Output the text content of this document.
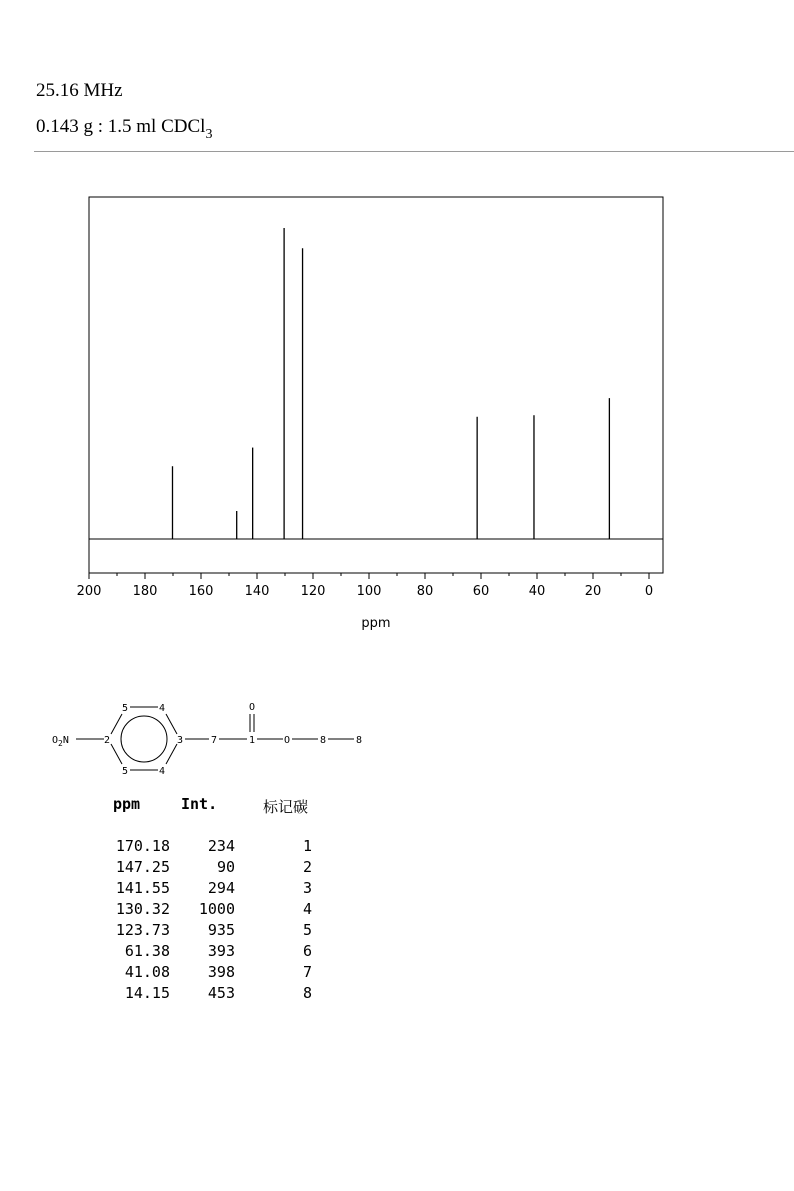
25.16 MHz
0.143 g : 1.5 ml CDCl$_3$
200 180 160 140 120 100	80	60	40	20	0
ppm
$O_2N$	2
5	4
5	4
3	7	1
O
O	8	8
ppm	Int.	标记碳
170.18	234	1
147.25	90	2
141.55	294	3
130.32	1000	4
123.73	935	5
61.38	393	6
41.08	398	7
14.15	453	8
